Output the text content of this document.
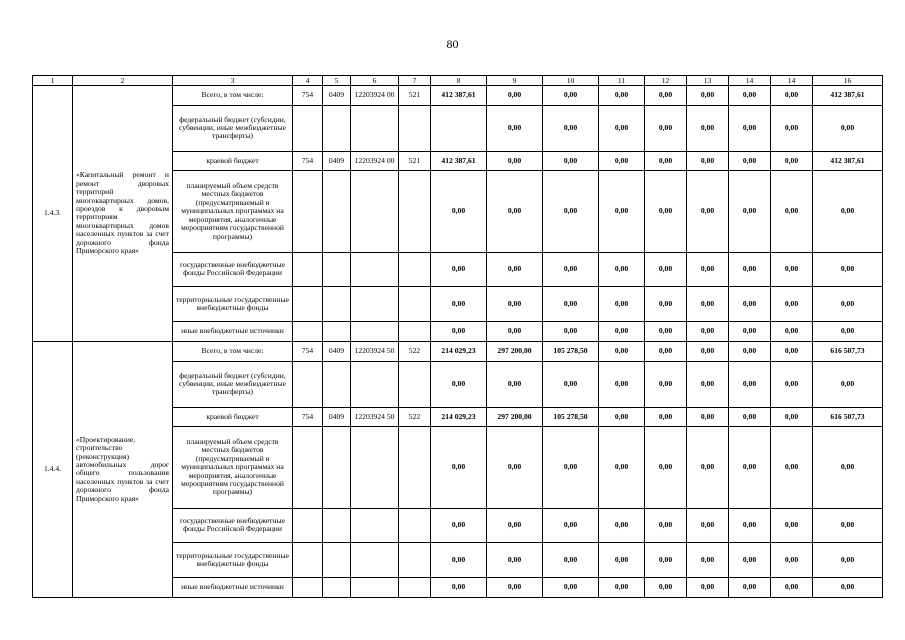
80
1	2	3	4	5	6	7	8	9	10	11	12	13	14	14	16
1.4.3.	«Капитальный ремонт и ремонт дворовых территорий многоквартирных домов, проездов к дворовым территориям многоквартирных домов населенных пунктов за счет дорожного фонда Приморского края»	Всего, в том числе:	754	0409	12203924 00	521	412 387,61	0,00	0,00	0,00	0,00	0,00	0,00	0,00	412 387,61
		федеральный бюджет (субсидии, субвенции, иные межбюджетные трансферты)						0,00	0,00	0,00	0,00	0,00	0,00	0,00	0,00
		краевой бюджет	754	0409	12203924 00	521	412 387,61	0,00	0,00	0,00	0,00	0,00	0,00	0,00	412 387,61
		планируемый объем средств местных бюджетов (предусматриваемый в муниципальных программах на мероприятия, аналогичные мероприятиям государственной программы)					0,00	0,00	0,00	0,00	0,00	0,00	0,00	0,00	0,00
		государственные внебюджетные фонды Российской Федерации					0,00	0,00	0,00	0,00	0,00	0,00	0,00	0,00	0,00
		территориальные государственные внебюджетные фонды					0,00	0,00	0,00	0,00	0,00	0,00	0,00	0,00	0,00
		иные внебюджетные источники					0,00	0,00	0,00	0,00	0,00	0,00	0,00	0,00	0,00
1.4.4.	«Проектирование, строительство (реконструкция) автомобильных дорог общего пользования населенных пунктов за счет дорожного фонда Приморского края»	Всего, в том числе:	754	0409	12203924 50	522	214 029,23	297 200,00	105 278,50	0,00	0,00	0,00	0,00	0,00	616 507,73
		федеральный бюджет (субсидии, субвенции, иные межбюджетные трансферты)					0,00	0,00	0,00	0,00	0,00	0,00	0,00	0,00	0,00
		краевой бюджет	754	0409	12203924 50	522	214 029,23	297 200,00	105 278,50	0,00	0,00	0,00	0,00	0,00	616 507,73
		планируемый объем средств местных бюджетов (предусматриваемый в муниципальных программах на мероприятия, аналогичные мероприятиям государственной программы)					0,00	0,00	0,00	0,00	0,00	0,00	0,00	0,00	0,00
		государственные внебюджетные фонды Российской Федерации					0,00	0,00	0,00	0,00	0,00	0,00	0,00	0,00	0,00
		территориальные государственные внебюджетные фонды					0,00	0,00	0,00	0,00	0,00	0,00	0,00	0,00	0,00
		иные внебюджетные источники					0,00	0,00	0,00	0,00	0,00	0,00	0,00	0,00	0,00
